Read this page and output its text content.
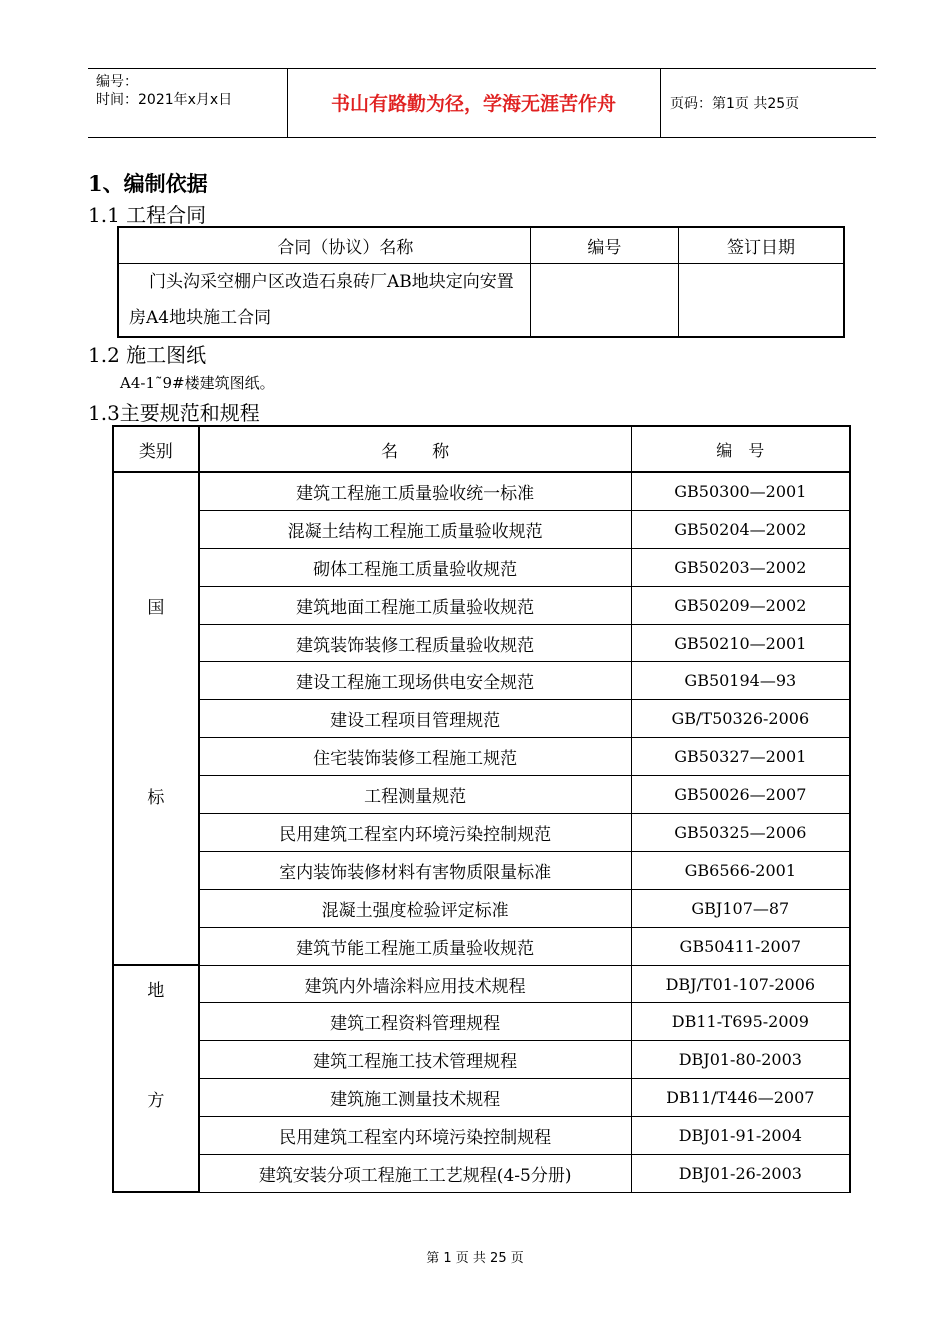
编号：
时间：2021年x月x日	书山有路勤为径，学海无涯苦作舟	页码：第1页 共25页
1、编制依据
1.1 工程合同
合同（协议）名称	编号	签订日期

门头沟采空棚户区改造石泉砖厂AB地块定向安置房A4地块施工合同		

1.2 施工图纸
A4-1˜9#楼建筑图纸。
1.3主要规范和规程
类别	名　　称	编　号

国
标	建筑工程施工质量验收统一标准	GB50300—2001
	混凝土结构工程施工质量验收规范	GB50204—2002
	砌体工程施工质量验收规范	GB50203—2002
	建筑地面工程施工质量验收规范	GB50209—2002
	建筑装饰装修工程质量验收规范	GB50210—2001
	建设工程施工现场供电安全规范	GB50194—93
	建设工程项目管理规范	GB/T50326-2006
	住宅装饰装修工程施工规范	GB50327—2001
	工程测量规范	GB50026—2007
	民用建筑工程室内环境污染控制规范	GB50325—2006
	室内装饰装修材料有害物质限量标准	GB6566-2001
	混凝土强度检验评定标准	GBJ107—87
	建筑节能工程施工质量验收规范	GB50411-2007

地
方	建筑内外墙涂料应用技术规程	DBJ/T01-107-2006
	建筑工程资料管理规程	DB11-T695-2009
	建筑工程施工技术管理规程	DBJ01-80-2003
	建筑施工测量技术规程	DB11/T446—2007
	民用建筑工程室内环境污染控制规程	DBJ01-91-2004
	建筑安装分项工程施工工艺规程(4-5分册)	DBJ01-26-2003
第 1 页 共 25 页
